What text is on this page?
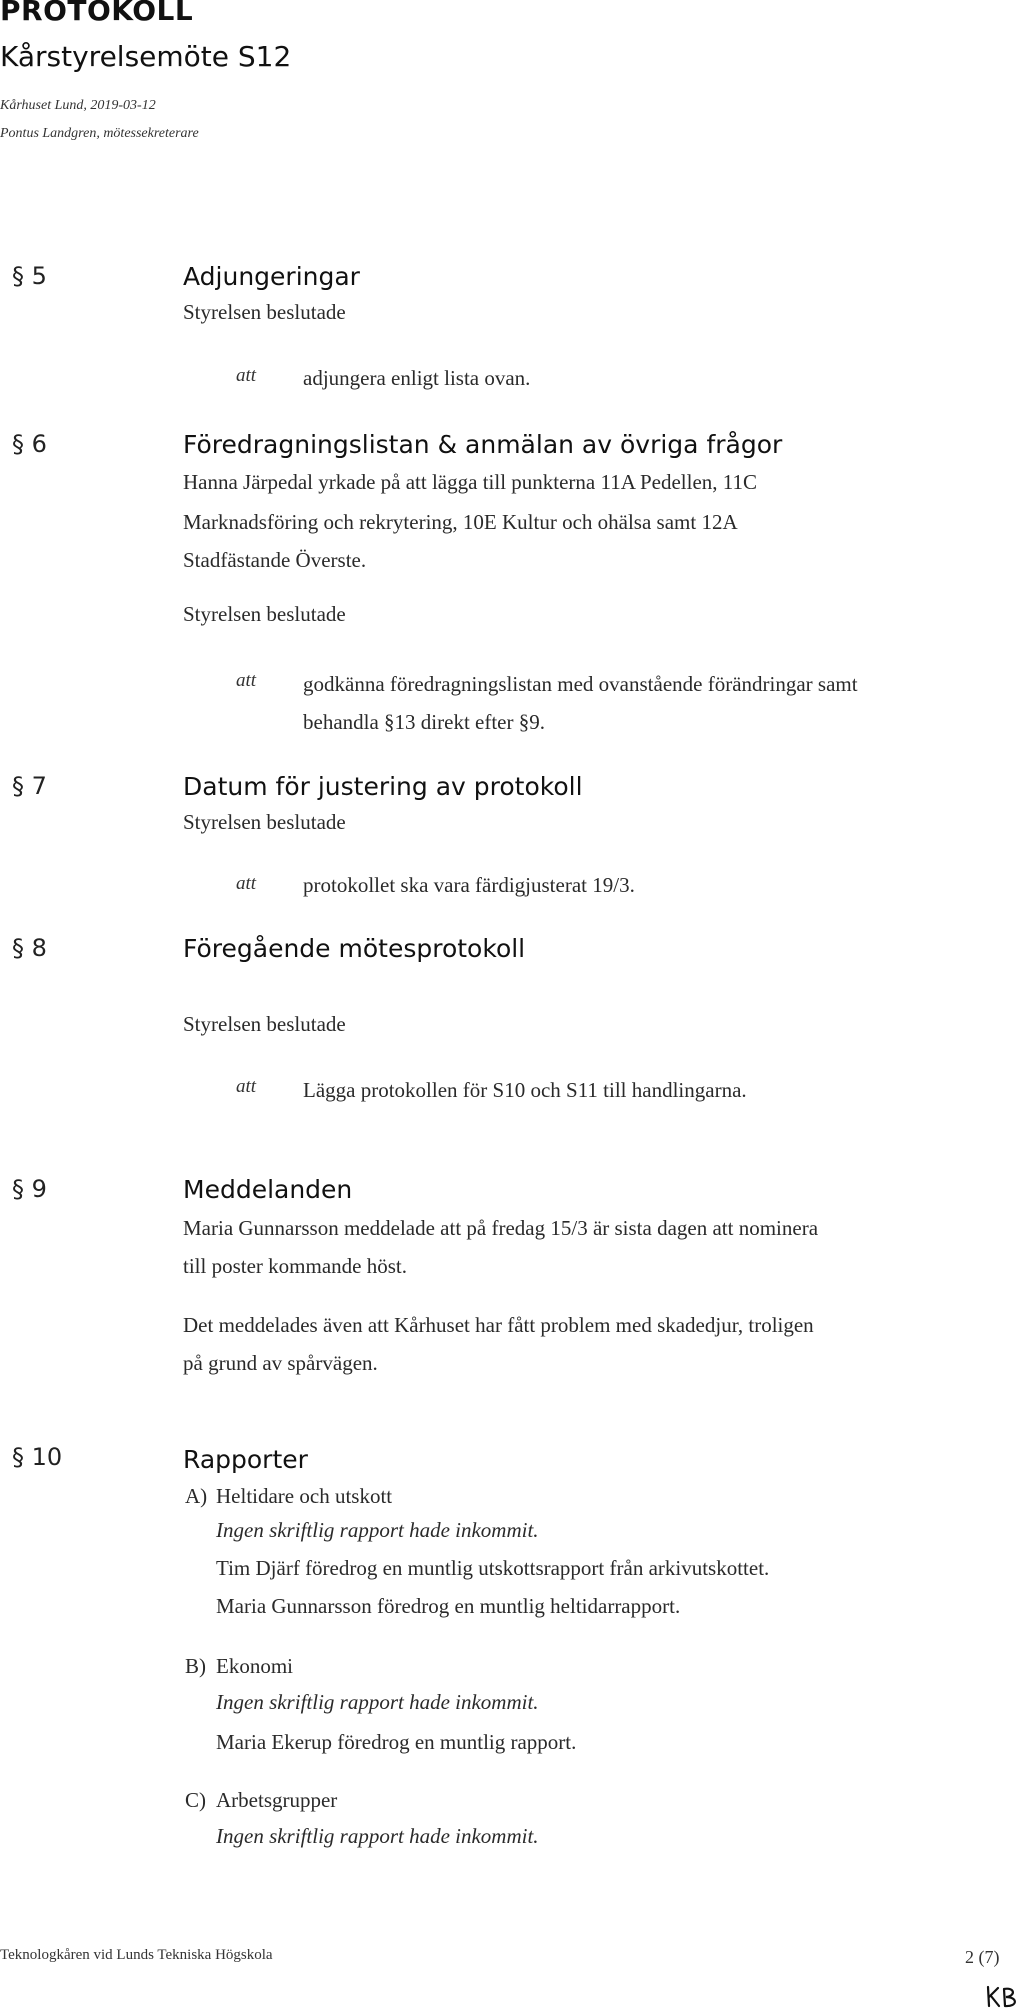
PROTOKOLL
Kårstyrelsemöte S12
Kårhuset Lund, 2019-03-12
Pontus Landgren, mötessekreterare
§ 5	Adjungeringar
Styrelsen beslutade
att adjungera enligt lista ovan.
§ 6	Föredragningslistan & anmälan av övriga frågor
Hanna Järpedal yrkade på att lägga till punkterna 11A Pedellen, 11C
Marknadsföring och rekrytering, 10E Kultur och ohälsa samt 12A
Stadfästande Överste.
Styrelsen beslutade
att godkänna föredragningslistan med ovanstående förändringar samt
behandla §13 direkt efter §9.
§ 7	Datum för justering av protokoll
Styrelsen beslutade
att protokollet ska vara färdigjusterat 19/3.
§ 8	Föregående mötesprotokoll
Styrelsen beslutade
att Lägga protokollen för S10 och S11 till handlingarna.
§ 9	Meddelanden
Maria Gunnarsson meddelade att på fredag 15/3 är sista dagen att nominera
till poster kommande höst.
Det meddelades även att Kårhuset har fått problem med skadedjur, troligen
på grund av spårvägen.
§ 10	Rapporter
A) Heltidare och utskott
Ingen skriftlig rapport hade inkommit.
Tim Djärf föredrog en muntlig utskottsrapport från arkivutskottet.
Maria Gunnarsson föredrog en muntlig heltidarrapport.
B) Ekonomi
Ingen skriftlig rapport hade inkommit.
Maria Ekerup föredrog en muntlig rapport.
C) Arbetsgrupper
Ingen skriftlig rapport hade inkommit.
Teknologkåren vid Lunds Tekniska Högskola	2 (7)
